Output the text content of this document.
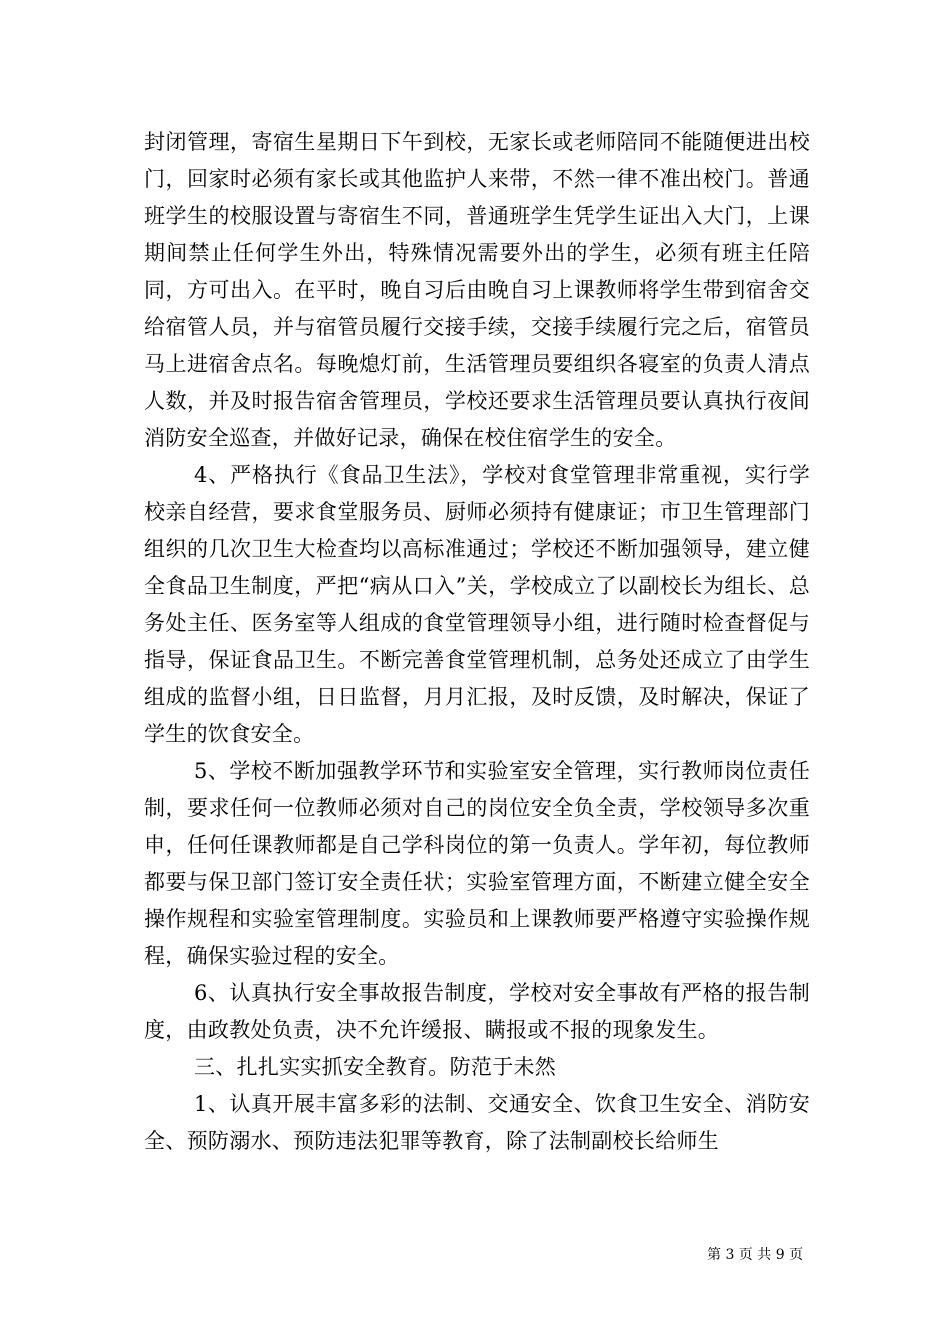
封闭管理，寄宿生星期日下午到校，无家长或老师陪同不能随便进出校门，回家时必须有家长或其他监护人来带，不然一律不准出校门。普通班学生的校服设置与寄宿生不同，普通班学生凭学生证出入大门，上课期间禁止任何学生外出，特殊情况需要外出的学生，必须有班主任陪同，方可出入。在平时，晚自习后由晚自习上课教师将学生带到宿舍交给宿管人员，并与宿管员履行交接手续，交接手续履行完之后，宿管员马上进宿舍点名。每晚熄灯前，生活管理员要组织各寝室的负责人清点人数，并及时报告宿舍管理员，学校还要求生活管理员要认真执行夜间消防安全巡查，并做好记录，确保在校住宿学生的安全。

4、严格执行《食品卫生法》，学校对食堂管理非常重视，实行学校亲自经营，要求食堂服务员、厨师必须持有健康证；市卫生管理部门组织的几次卫生大检查均以高标准通过；学校还不断加强领导，建立健全食品卫生制度，严把“病从口入”关，学校成立了以副校长为组长、总务处主任、医务室等人组成的食堂管理领导小组，进行随时检查督促与指导，保证食品卫生。不断完善食堂管理机制，总务处还成立了由学生组成的监督小组，日日监督，月月汇报，及时反馈，及时解决，保证了学生的饮食安全。

5、学校不断加强教学环节和实验室安全管理，实行教师岗位责任制，要求任何一位教师必须对自己的岗位安全负全责，学校领导多次重申，任何任课教师都是自己学科岗位的第一负责人。学年初，每位教师都要与保卫部门签订安全责任状；实验室管理方面，不断建立健全安全操作规程和实验室管理制度。实验员和上课教师要严格遵守实验操作规程，确保实验过程的安全。

6、认真执行安全事故报告制度，学校对安全事故有严格的报告制度，由政教处负责，决不允许缓报、瞒报或不报的现象发生。

三、扎扎实实抓安全教育。防范于未然

1、认真开展丰富多彩的法制、交通安全、饮食卫生安全、消防安全、预防溺水、预防违法犯罪等教育，除了法制副校长给师生

第 3 页 共 9 页
